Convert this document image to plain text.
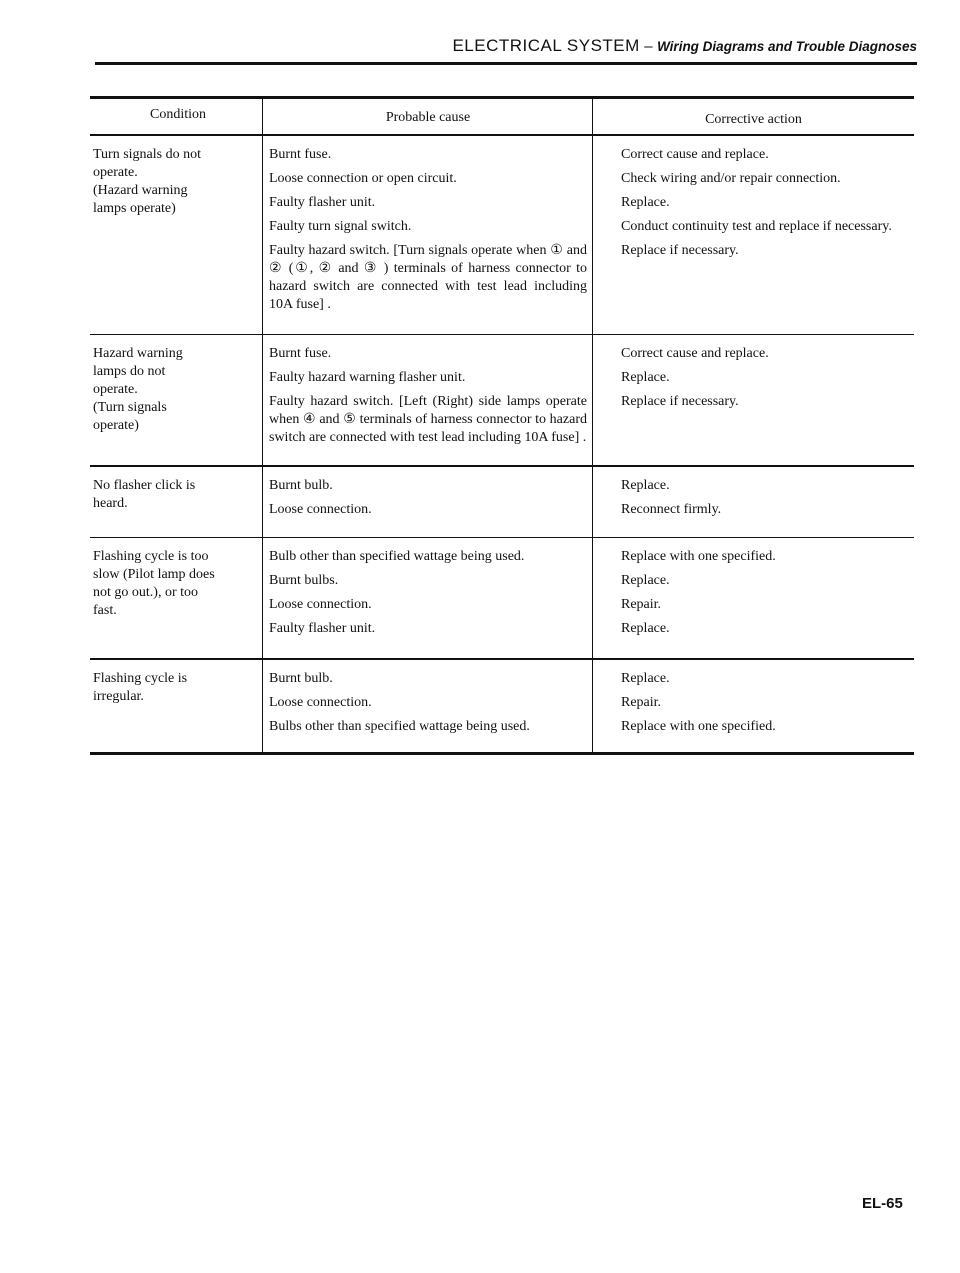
ELECTRICAL SYSTEM – Wiring Diagrams and Trouble Diagnoses
Condition	Probable cause	Corrective action
Turn signals do not
operate.
(Hazard warning
lamps operate)
Burnt fuse.
Loose connection or open circuit.
Faulty flasher unit.
Faulty turn signal switch.
Faulty hazard switch. [Turn signals operate when ① and ② (①, ② and ③ ) terminals of harness connector to hazard switch are connected with test lead including 10A fuse] .
Correct cause and replace.
Check wiring and/or repair connection.
Replace.
Conduct continuity test and replace if necessary.
Replace if necessary.
Hazard warning
lamps do not
operate.
(Turn signals
operate)
Burnt fuse.
Faulty hazard warning flasher unit.
Faulty hazard switch. [Left (Right) side lamps operate when ④ and ⑤ terminals of harness connector to hazard switch are connected with test lead including 10A fuse] .
Correct cause and replace.
Replace.
Replace if necessary.
No flasher click is
heard.
Burnt bulb.
Loose connection.
Replace.
Reconnect firmly.
Flashing cycle is too
slow (Pilot lamp does
not go out.), or too
fast.
Bulb other than specified wattage being used.
Burnt bulbs.
Loose connection.
Faulty flasher unit.
Replace with one specified.
Replace.
Repair.
Replace.
Flashing cycle is
irregular.
Burnt bulb.
Loose connection.
Bulbs other than specified wattage being used.
Replace.
Repair.
Replace with one specified.
EL-65
